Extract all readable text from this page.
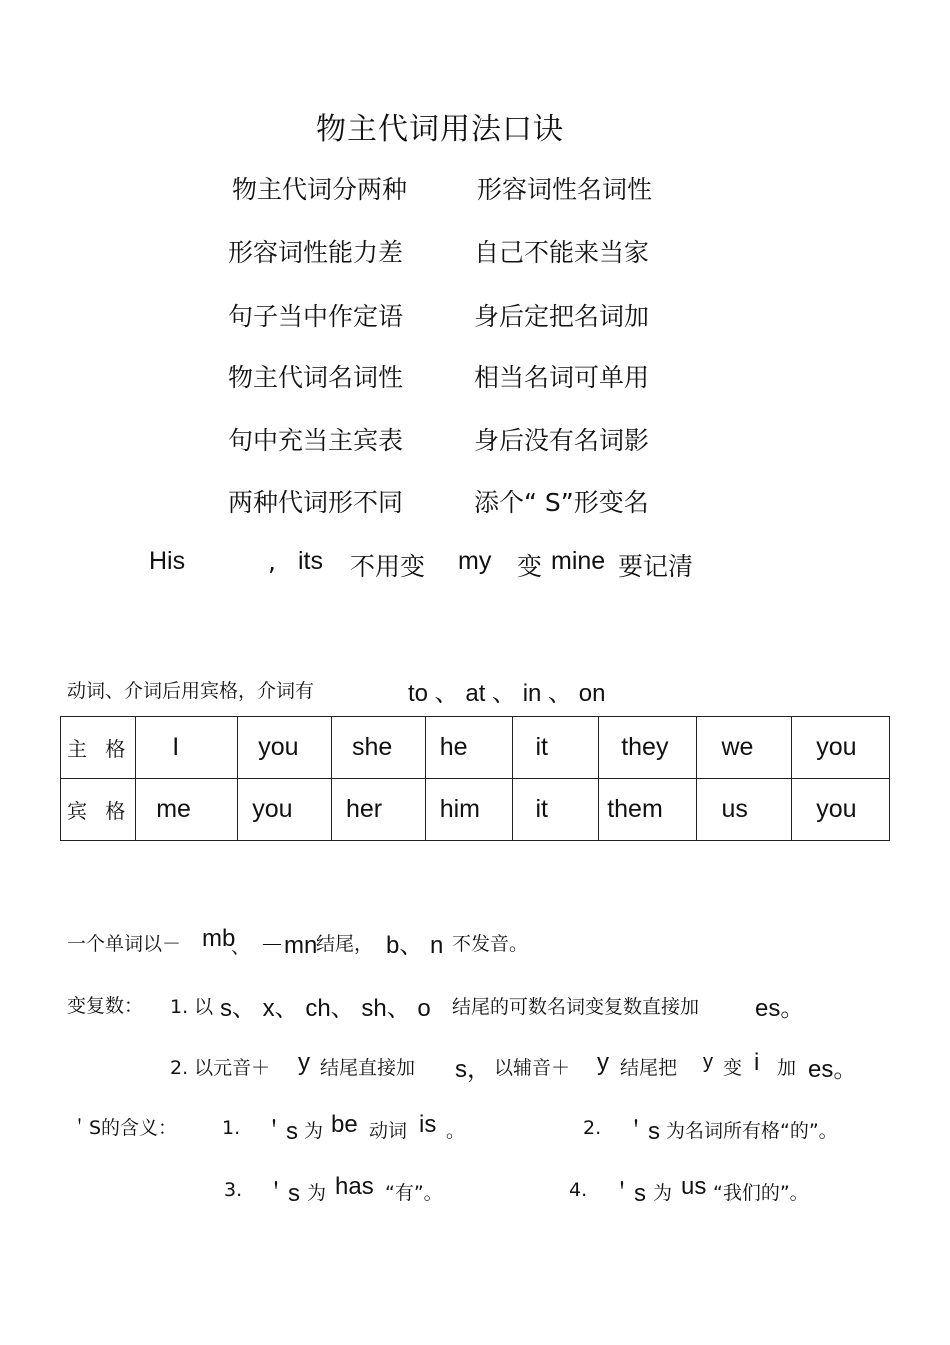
物主代词用法口诀
物主代词分两种	形容词性名词性
形容词性能力差	自己不能来当家
句子当中作定语	身后定把名词加
物主代词名词性	相当名词可单用
句中充当主宾表	身后没有名词影
两种代词形不同	添个“ S”形变名
His	, its 不用变 my 变 mine 要记清
动词、介词后用宾格，介词有	to 、 at 、 in 、 on
主 格	I	you	she	he	it	they	we	you
宾 格	me	you	her	him	it	them	us	you
一个单词以－ mb
、 －mn
结尾， b、 n 不发音。
变复数： 1. 以 s、 x、 ch、 sh、 o 结尾的可数名词变复数直接加 es。
2. 以元音＋ y 结尾直接加 s， 以辅音＋ y 结尾把 y 变 i 加 es。
＇S的含义： 1. ＇s 为 be 动词 is 。	2. ＇s 为名词所有格“的”。
3. ＇s 为 has “有”。	4. ＇s 为 us “我们的”。
